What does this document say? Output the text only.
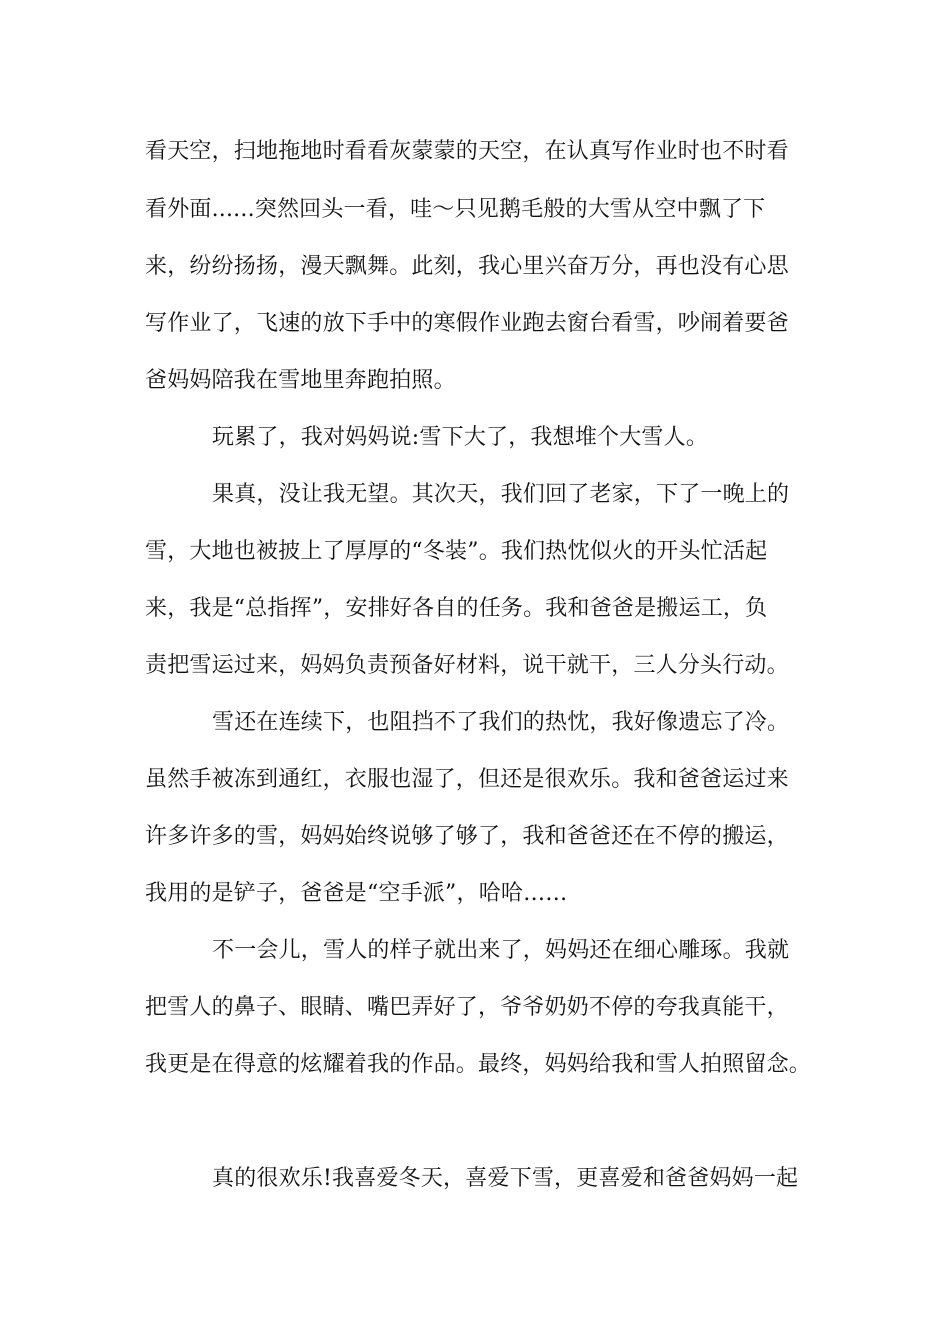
看天空，扫地拖地时看看灰蒙蒙的天空，在认真写作业时也不时看
看外面......突然回头一看，哇～只见鹅毛般的大雪从空中飘了下
来，纷纷扬扬，漫天飘舞。此刻，我心里兴奋万分，再也没有心思
写作业了，飞速的放下手中的寒假作业跑去窗台看雪，吵闹着要爸
爸妈妈陪我在雪地里奔跑拍照。
玩累了，我对妈妈说:雪下大了，我想堆个大雪人。
果真，没让我无望。其次天，我们回了老家，下了一晚上的
雪，大地也被披上了厚厚的“冬装”。我们热忱似火的开头忙活起
来，我是“总指挥”，安排好各自的任务。我和爸爸是搬运工，负
责把雪运过来，妈妈负责预备好材料，说干就干，三人分头行动。
雪还在连续下，也阻挡不了我们的热忱，我好像遗忘了冷。
虽然手被冻到通红，衣服也湿了，但还是很欢乐。我和爸爸运过来
许多许多的雪，妈妈始终说够了够了，我和爸爸还在不停的搬运，
我用的是铲子，爸爸是“空手派”，哈哈……
不一会儿，雪人的样子就出来了，妈妈还在细心雕琢。我就
把雪人的鼻子、眼睛、嘴巴弄好了，爷爷奶奶不停的夸我真能干，
我更是在得意的炫耀着我的作品。最终，妈妈给我和雪人拍照留念。
真的很欢乐!我喜爱冬天，喜爱下雪，更喜爱和爸爸妈妈一起
